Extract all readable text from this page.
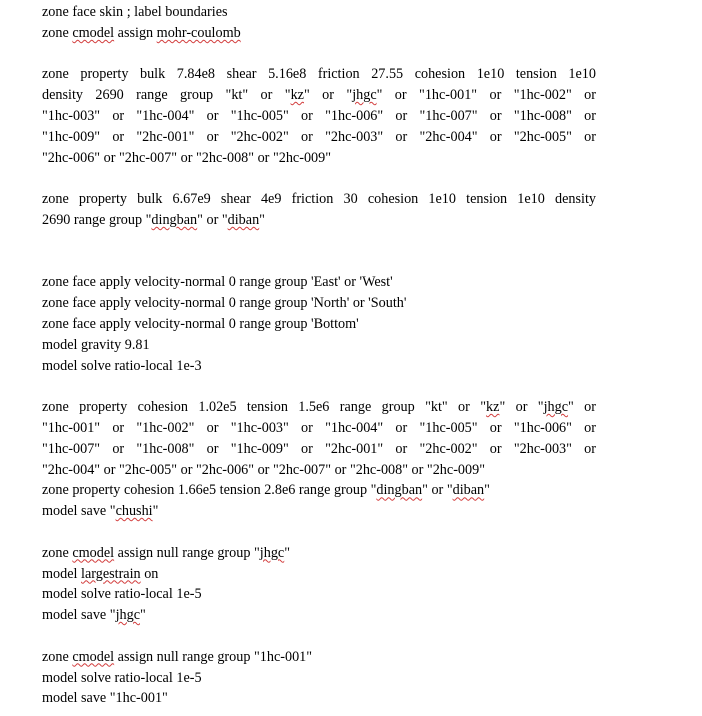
zone face skin ; label boundaries
zone cmodel assign mohr-coulomb
zone property bulk 7.84e8 shear 5.16e8 friction 27.55 cohesion 1e10 tension 1e10
density 2690 range group "kt" or "kz" or "jhgc" or "1hc-001" or "1hc-002" or
"1hc-003" or "1hc-004" or "1hc-005" or "1hc-006" or "1hc-007" or "1hc-008" or
"1hc-009" or "2hc-001" or "2hc-002" or "2hc-003" or "2hc-004" or "2hc-005" or
"2hc-006" or "2hc-007" or "2hc-008" or "2hc-009"
zone property bulk 6.67e9 shear 4e9 friction 30 cohesion 1e10 tension 1e10 density
2690 range group "dingban" or "diban"
zone face apply velocity-normal 0 range group 'East' or 'West'
zone face apply velocity-normal 0 range group 'North' or 'South'
zone face apply velocity-normal 0 range group 'Bottom'
model gravity 9.81
model solve ratio-local 1e-3
zone property cohesion 1.02e5 tension 1.5e6 range group "kt" or "kz" or "jhgc" or
"1hc-001" or "1hc-002" or "1hc-003" or "1hc-004" or "1hc-005" or "1hc-006" or
"1hc-007" or "1hc-008" or "1hc-009" or "2hc-001" or "2hc-002" or "2hc-003" or
"2hc-004" or "2hc-005" or "2hc-006" or "2hc-007" or "2hc-008" or "2hc-009"
zone property cohesion 1.66e5 tension 2.8e6 range group "dingban" or "diban"
model save "chushi"
zone cmodel assign null range group "jhgc"
model largestrain on
model solve ratio-local 1e-5
model save "jhgc"
zone cmodel assign null range group "1hc-001"
model solve ratio-local 1e-5
model save "1hc-001"
